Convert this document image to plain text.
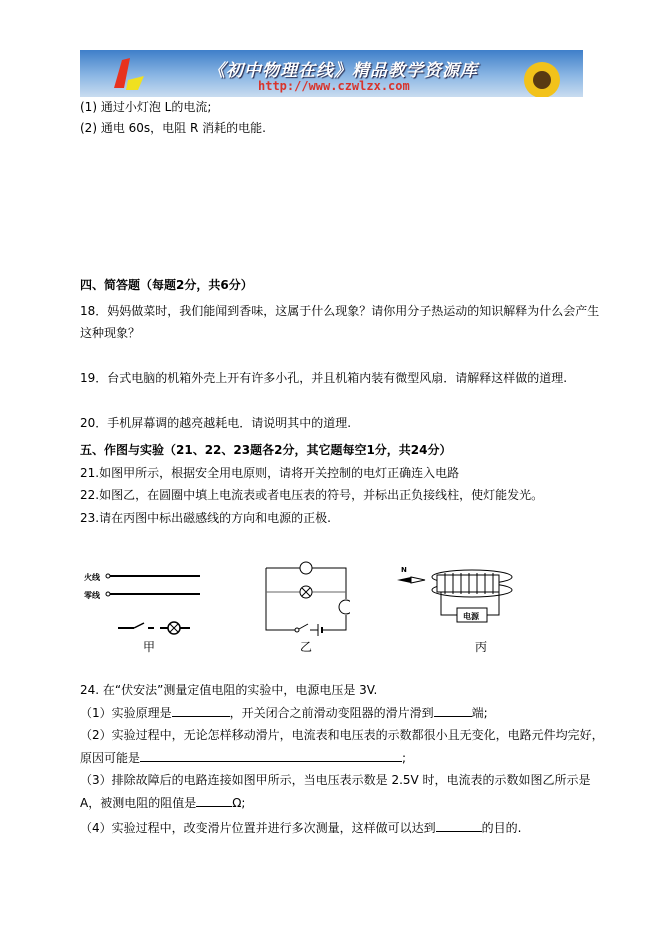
《初中物理在线》精品教学资源库
http://www.czwlzx.com
(1) 通过小灯泡 L的电流;
(2) 通电 60s，电阻 R 消耗的电能.
四、简答题（每题2分，共6分）
18．妈妈做菜时，我们能闻到香味，这属于什么现象？请你用分子热运动的知识解释为什么会产生
这种现象？
19．台式电脑的机箱外壳上开有许多小孔，并且机箱内装有微型风扇．请解释这样做的道理.
20．手机屏幕调的越亮越耗电．请说明其中的道理.
五、作图与实验（21、22、23题各2分，其它题每空1分，共24分）
21.如图甲所示，根据安全用电原则，请将开关控制的电灯正确连入电路
22.如图乙，在圆圈中填上电流表或者电压表的符号，并标出正负接线柱，使灯能发光。
23.请在丙图中标出磁感线的方向和电源的正极.
火线
零线
甲	乙
N
电源
丙
24. 在“伏安法”测量定值电阻的实验中，电源电压是 3V.
（1）实验原理是	，开关闭合之前滑动变阻器的滑片滑到	端;
（2）实验过程中，无论怎样移动滑片，电流表和电压表的示数都很小且无变化，电路元件均完好，
原因可能是	;
（3）排除故障后的电路连接如图甲所示，当电压表示数是 2.5V 时，电流表的示数如图乙所示是
A，被测电阻的阻值是	Ω;
（4）实验过程中，改变滑片位置并进行多次测量，这样做可以达到	的目的.
